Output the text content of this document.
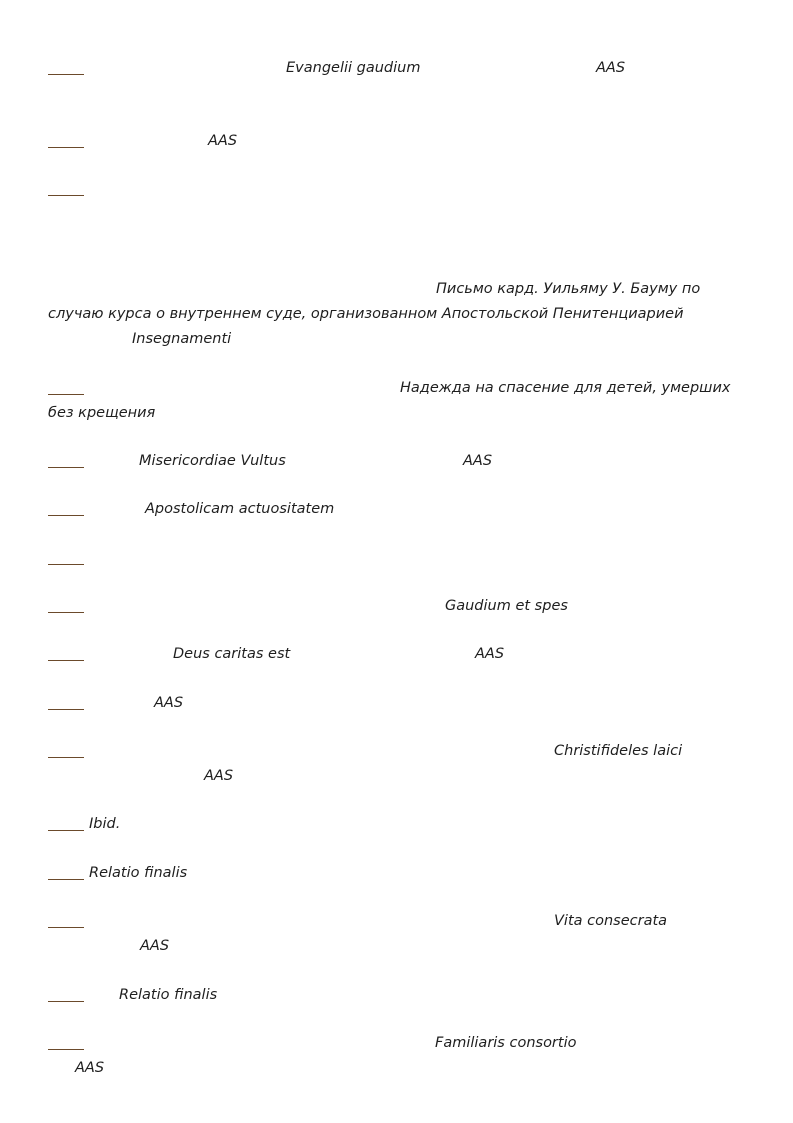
Evangelii gaudium	AAS
AAS
Письмо кард. Уильяму У. Бауму по
случаю курса о внутреннем суде, организованном Апостольской Пенитенциарией
Insegnamenti
Надежда на спасение для детей, умерших
без крещения
Misericordiae Vultus	AAS
Apostolicam actuositatem
Gaudium et spes
Deus caritas est	AAS
AAS
Christifideles laici
AAS
Ibid.
Relatio finalis
Vita consecrata
AAS
Relatio finalis
Familiaris consortio
AAS
